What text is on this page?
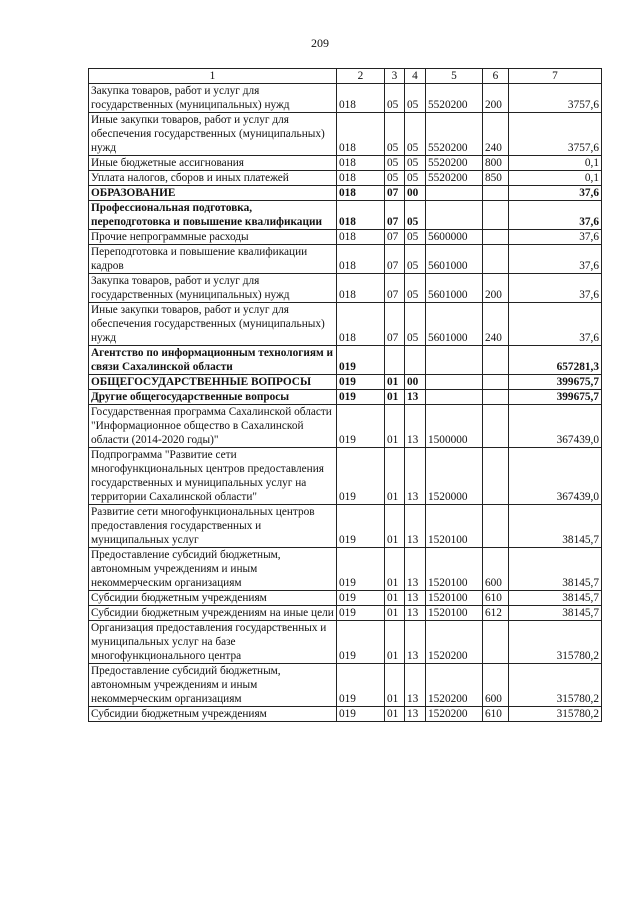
209
1	2	3	4	5	6	7
Закупка товаров, работ и услуг для государственных (муниципальных) нужд	018	05	05	5520200	200	3757,6
Иные закупки товаров, работ и услуг для обеспечения государственных (муниципальных) нужд	018	05	05	5520200	240	3757,6
Иные бюджетные ассигнования	018	05	05	5520200	800	0,1
Уплата налогов, сборов и иных платежей	018	05	05	5520200	850	0,1
ОБРАЗОВАНИЕ	018	07	00			37,6
Профессиональная подготовка, переподготовка и повышение квалификации	018	07	05			37,6
Прочие непрограммные расходы	018	07	05	5600000		37,6
Переподготовка и повышение квалификации кадров	018	07	05	5601000		37,6
Закупка товаров, работ и услуг для государственных (муниципальных) нужд	018	07	05	5601000	200	37,6
Иные закупки товаров, работ и услуг для обеспечения государственных (муниципальных) нужд	018	07	05	5601000	240	37,6
Агентство по информационным технологиям и связи Сахалинской области	019					657281,3
ОБЩЕГОСУДАРСТВЕННЫЕ ВОПРОСЫ	019	01	00			399675,7
Другие общегосударственные вопросы	019	01	13			399675,7
Государственная программа Сахалинской области "Информационное общество в Сахалинской области (2014-2020 годы)"	019	01	13	1500000		367439,0
Подпрограмма "Развитие сети многофункциональных центров предоставления государственных и муниципальных услуг на территории Сахалинской области"	019	01	13	1520000		367439,0
Развитие сети многофункциональных центров предоставления государственных и муниципальных услуг	019	01	13	1520100		38145,7
Предоставление субсидий бюджетным, автономным учреждениям и иным некоммерческим организациям	019	01	13	1520100	600	38145,7
Субсидии бюджетным учреждениям	019	01	13	1520100	610	38145,7
Субсидии бюджетным учреждениям на иные цели	019	01	13	1520100	612	38145,7
Организация предоставления государственных и муниципальных услуг на базе многофункционального центра	019	01	13	1520200		315780,2
Предоставление субсидий бюджетным, автономным учреждениям и иным некоммерческим организациям	019	01	13	1520200	600	315780,2
Субсидии бюджетным учреждениям	019	01	13	1520200	610	315780,2
